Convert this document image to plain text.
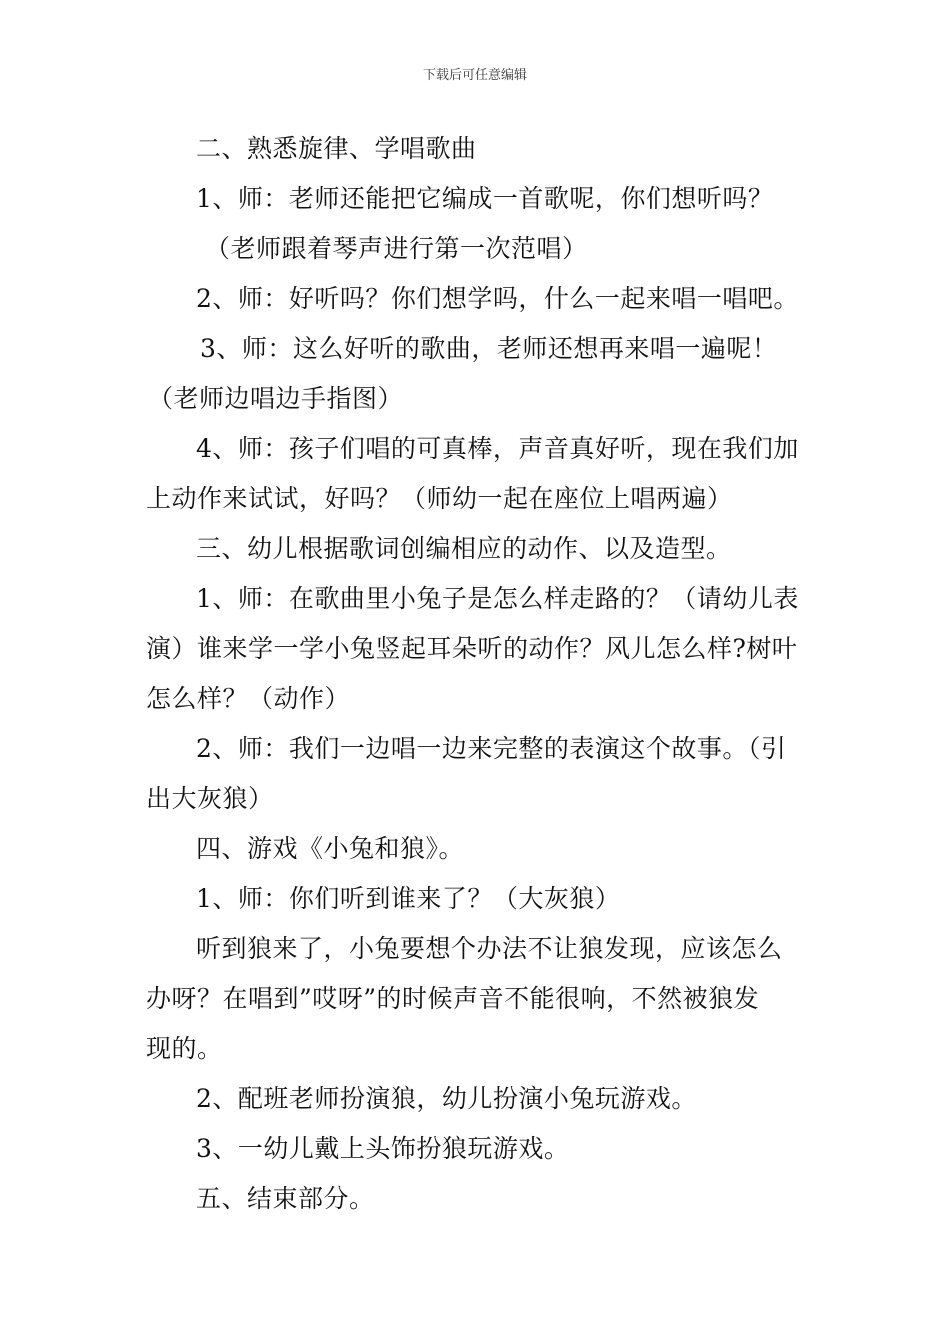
下载后可任意编辑
二、熟悉旋律、学唱歌曲
1、师：老师还能把它编成一首歌呢，你们想听吗？
（老师跟着琴声进行第一次范唱）
2、师：好听吗？你们想学吗，什么一起来唱一唱吧。
3、师：这么好听的歌曲，老师还想再来唱一遍呢！
（老师边唱边手指图）
4、师：孩子们唱的可真棒，声音真好听，现在我们加
上动作来试试，好吗？（师幼一起在座位上唱两遍）
三、幼儿根据歌词创编相应的动作、以及造型。
1、师：在歌曲里小兔子是怎么样走路的？（请幼儿表
演）谁来学一学小兔竖起耳朵听的动作？风儿怎么样?树叶
怎么样？（动作）
2、师：我们一边唱一边来完整的表演这个故事。（引
出大灰狼）
四、游戏《小兔和狼》。
1、师：你们听到谁来了？（大灰狼）
听到狼来了，小兔要想个办法不让狼发现，应该怎么
办呀？在唱到”哎呀”的时候声音不能很响，不然被狼发
现的。
2、配班老师扮演狼，幼儿扮演小兔玩游戏。
3、一幼儿戴上头饰扮狼玩游戏。
五、结束部分。
